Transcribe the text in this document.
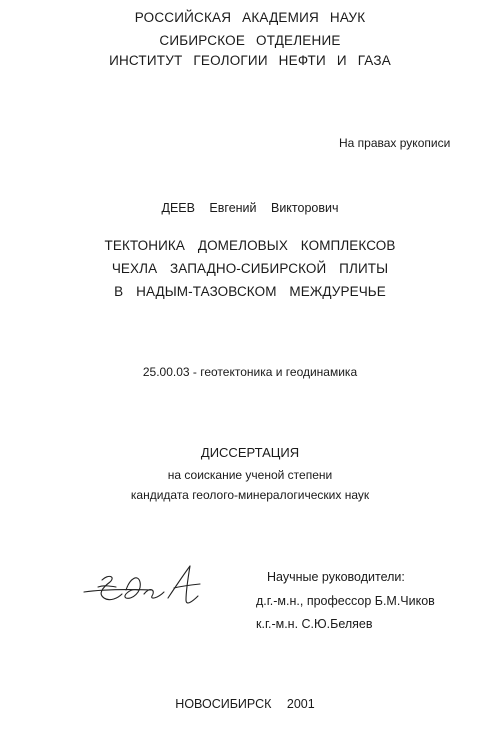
РОССИЙСКАЯ АКАДЕМИЯ НАУК
СИБИРСКОЕ ОТДЕЛЕНИЕ
ИНСТИТУТ ГЕОЛОГИИ НЕФТИ И ГАЗА
На правах рукописи
ДЕЕВ Евгений Викторович
ТЕКТОНИКА ДОМЕЛОВЫХ КОМПЛЕКСОВ
ЧЕХЛА ЗАПАДНО-СИБИРСКОЙ ПЛИТЫ
В НАДЫМ-ТАЗОВСКОМ МЕЖДУРЕЧЬЕ
25.00.03 - геотектоника и геодинамика
ДИССЕРТАЦИЯ
на соискание ученой степени
кандидата геолого-минералогических наук
Научные руководители:
д.г.-м.н., профессор Б.М.Чиков
к.г.-м.н. С.Ю.Беляев
НОВОСИБИРСК 2001
